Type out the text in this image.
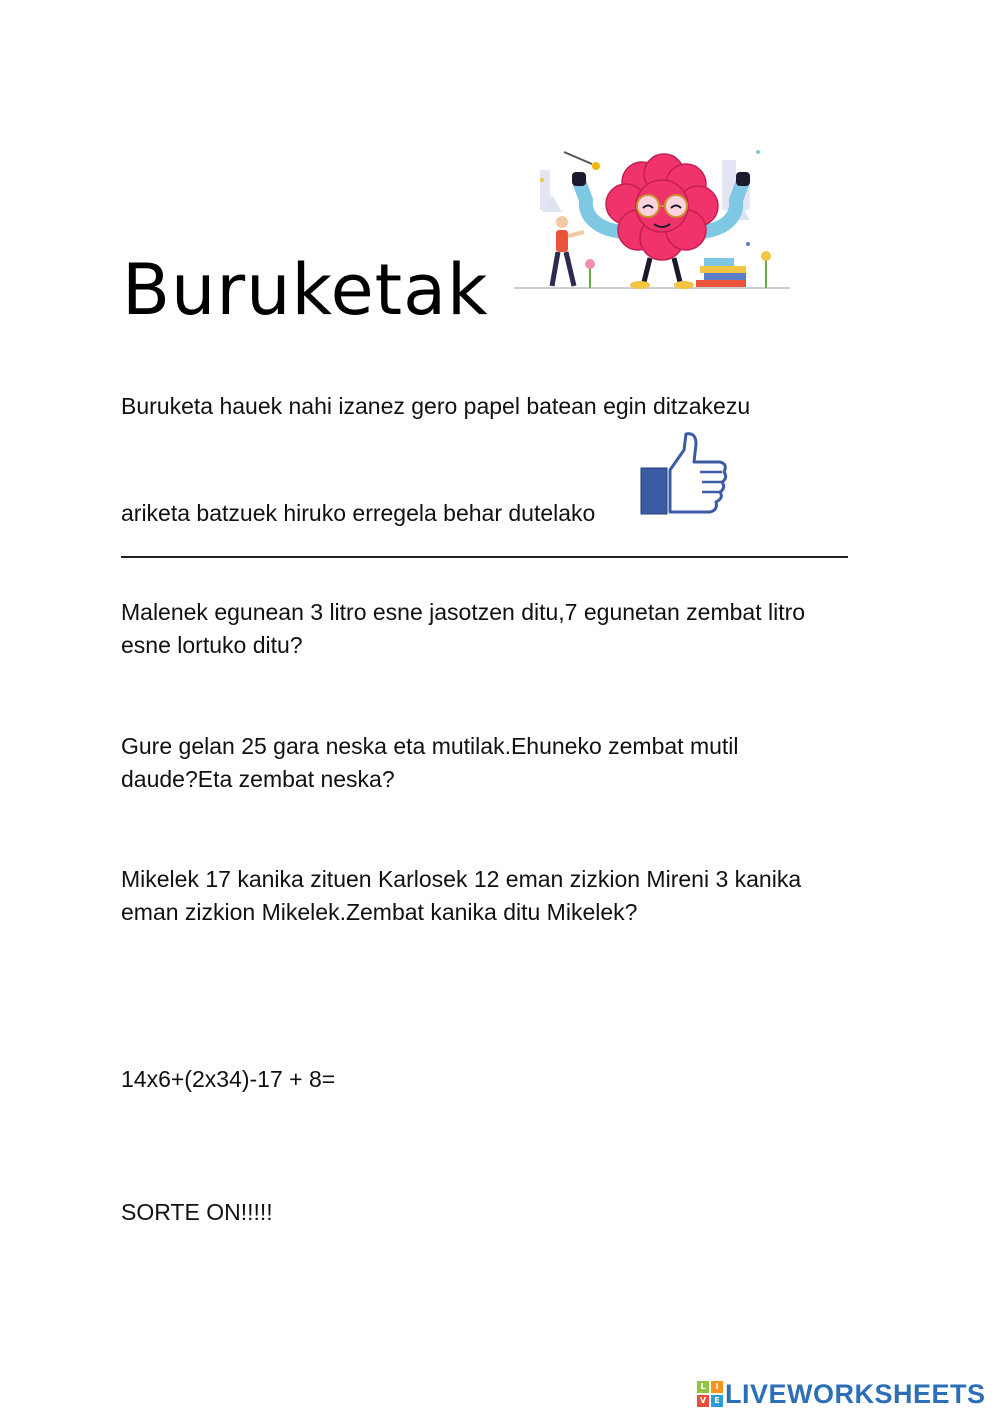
Buruketak
Buruketa hauek nahi izanez gero papel batean egin ditzakezu
ariketa batzuek hiruko erregela behar dutelako
Malenek egunean 3 litro esne jasotzen ditu,7 egunetan zembat litro
esne lortuko ditu?
Gure gelan 25 gara neska eta mutilak.Ehuneko zembat mutil
daude?Eta zembat neska?
Mikelek 17 kanika zituen Karlosek 12 eman zizkion Mireni 3 kanika
eman zizkion Mikelek.Zembat kanika ditu Mikelek?
14x6+(2x34)-17 + 8=
SORTE ON!!!!!
L	I
V	E LIVEWORKSHEETS
